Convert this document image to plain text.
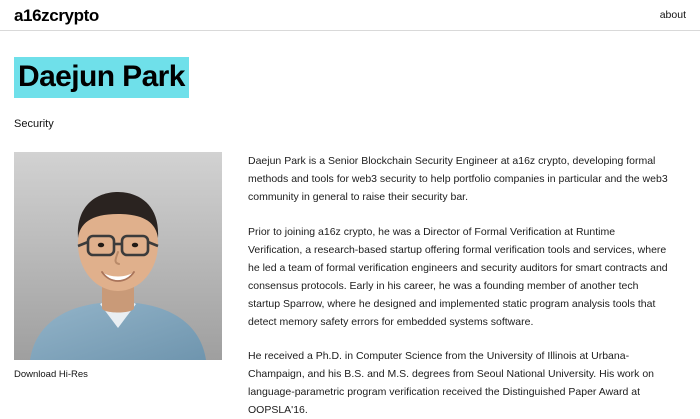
a16zcrypto	about
Daejun Park
Security
Download Hi-Res

Daejun Park is a Senior Blockchain Security Engineer at a16z crypto, developing formal methods and tools for web3 security to help portfolio companies in particular and the web3 community in general to raise their security bar.

Prior to joining a16z crypto, he was a Director of Formal Verification at Runtime Verification, a research-based startup offering formal verification tools and services, where he led a team of formal verification engineers and security auditors for smart contracts and consensus protocols. Early in his career, he was a founding member of another tech startup Sparrow, where he designed and implemented static program analysis tools that detect memory safety errors for embedded systems software.

He received a Ph.D. in Computer Science from the University of Illinois at Urbana-Champaign, and his B.S. and M.S. degrees from Seoul National University. His work on language-parametric program verification received the Distinguished Paper Award at OOPSLA'16.
